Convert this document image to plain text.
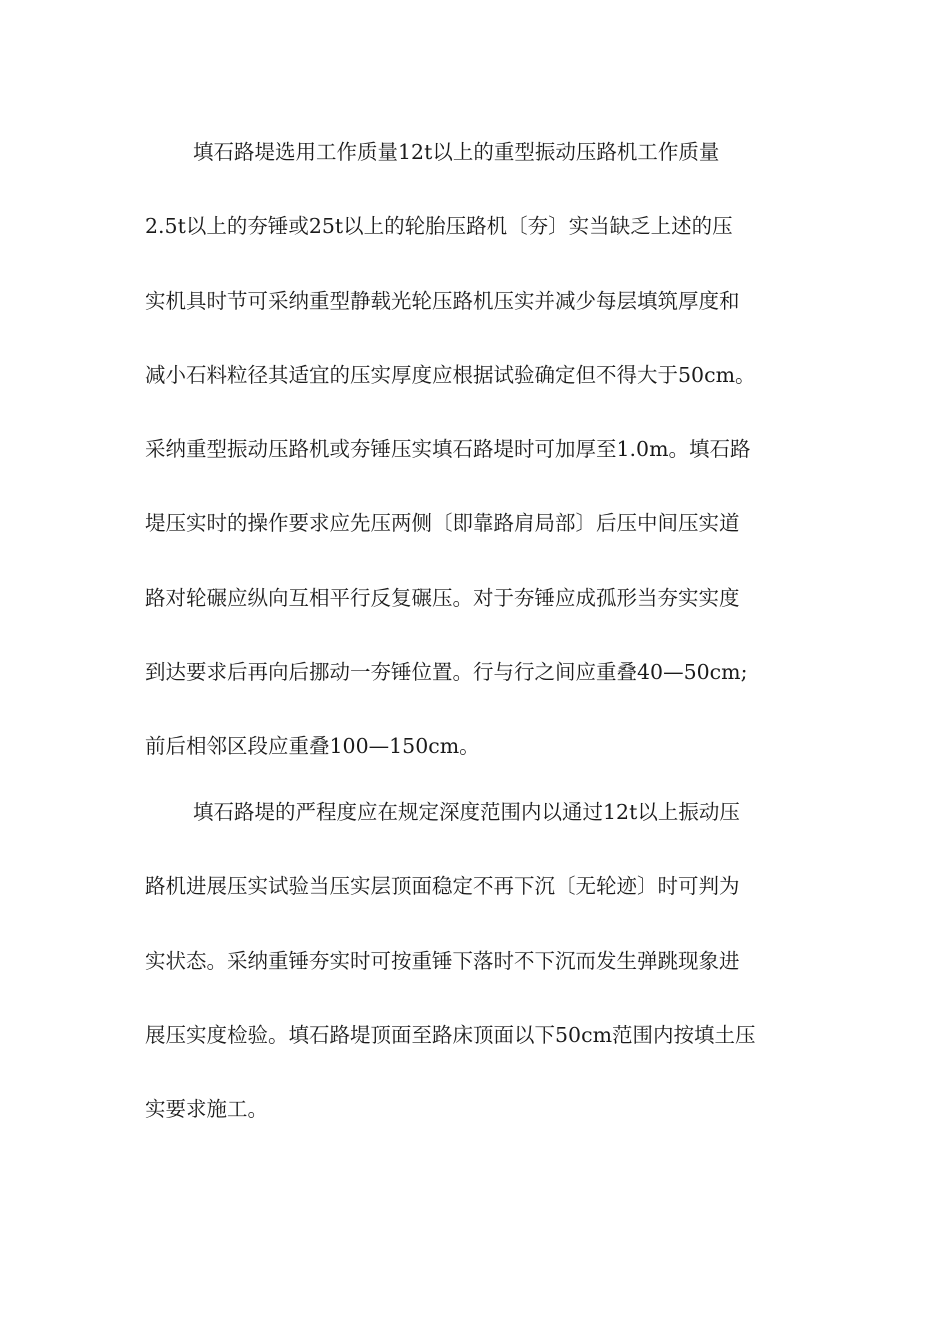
填石路堤选用工作质量12t以上的重型振动压路机工作质量
2.5t以上的夯锤或25t以上的轮胎压路机〔夯〕实当缺乏上述的压
实机具时节可采纳重型静载光轮压路机压实并减少每层填筑厚度和
减小石料粒径其适宜的压实厚度应根据试验确定但不得大于50cm。
采纳重型振动压路机或夯锤压实填石路堤时可加厚至1.0m。填石路
堤压实时的操作要求应先压两侧〔即靠路肩局部〕后压中间压实道
路对轮碾应纵向互相平行反复碾压。对于夯锤应成孤形当夯实实度
到达要求后再向后挪动一夯锤位置。行与行之间应重叠40—50cm;
前后相邻区段应重叠100—150cm。
填石路堤的严程度应在规定深度范围内以通过12t以上振动压
路机进展压实试验当压实层顶面稳定不再下沉〔无轮迹〕时可判为
实状态。采纳重锤夯实时可按重锤下落时不下沉而发生弹跳现象进
展压实度检验。填石路堤顶面至路床顶面以下50cm范围内按填土压
实要求施工。
